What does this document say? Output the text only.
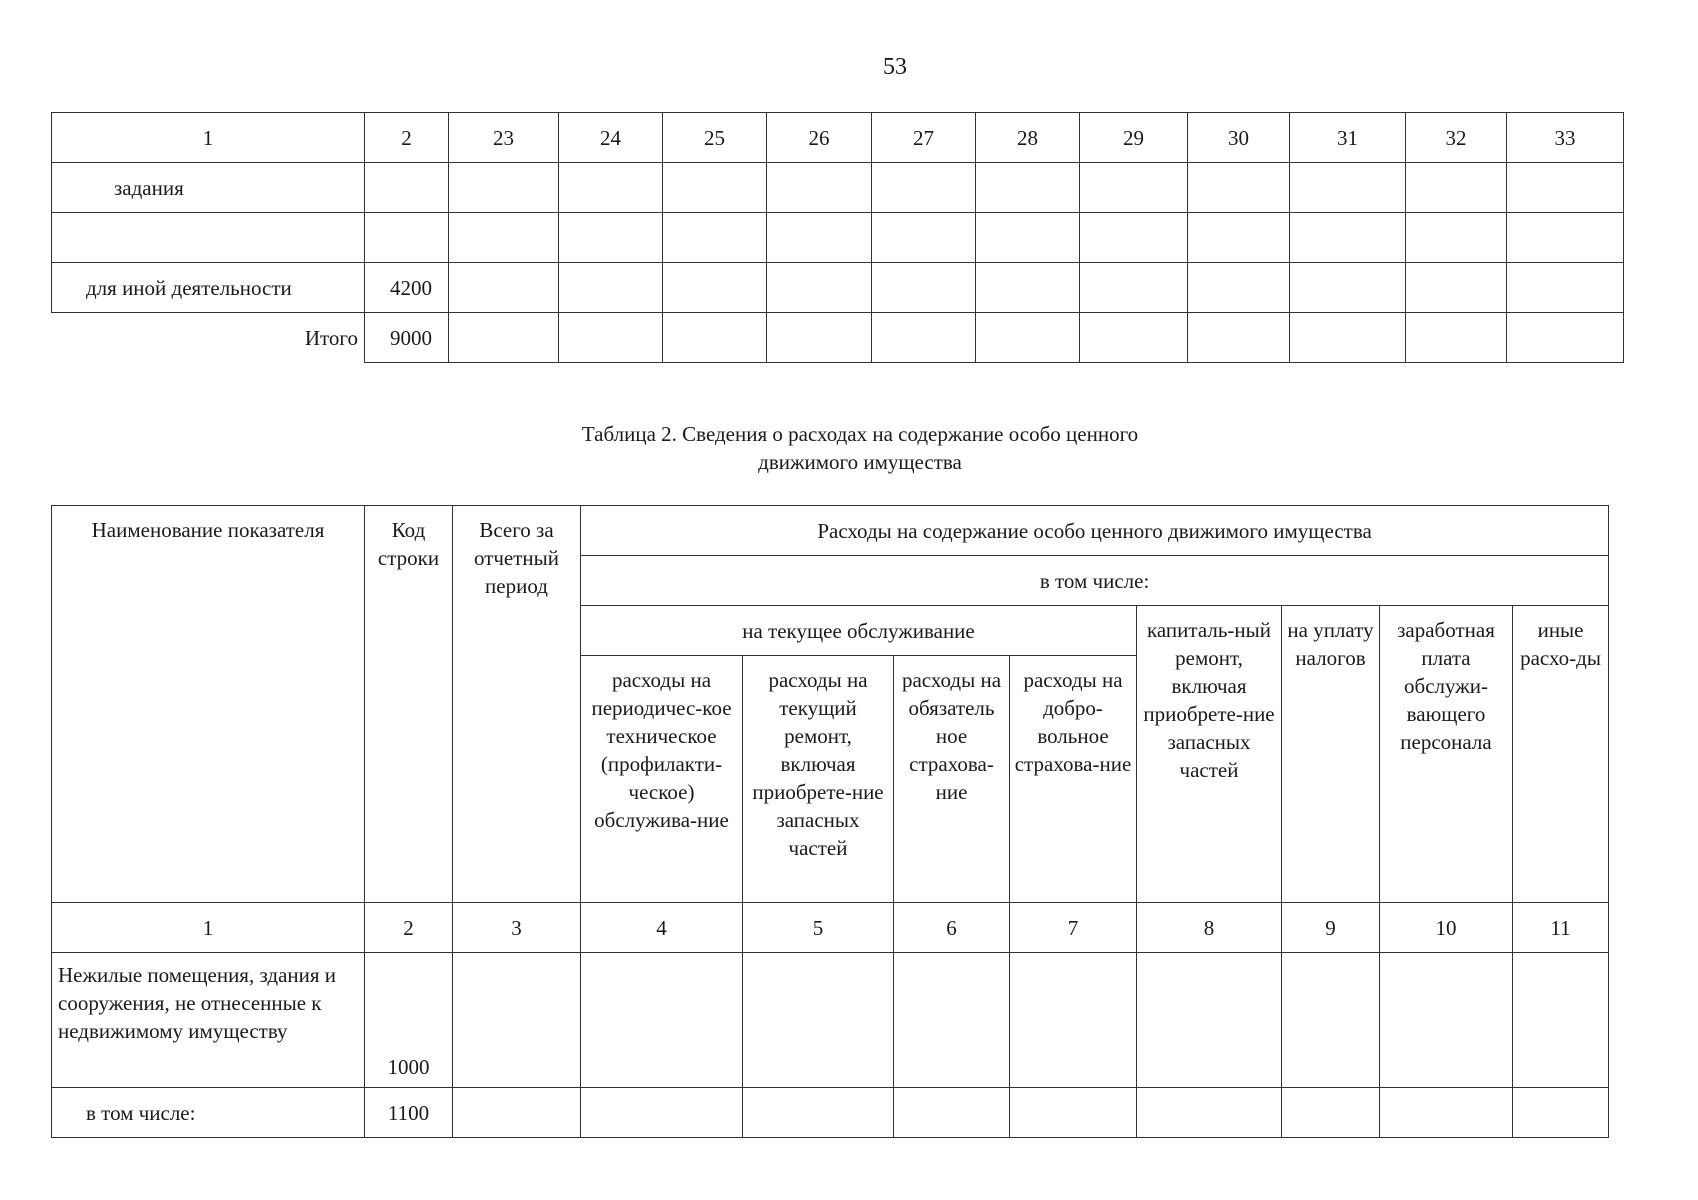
53
1	2	23	24	25	26	27	28	29	30	31	32	33
задания												

для иной деятельности	4200											
Итого	9000											
Таблица 2. Сведения о расходах на содержание особо ценного
движимого имущества
Наименование показателя	Код строки	Всего за отчетный период	Расходы на содержание особо ценного движимого имущества							
			в том числе:							
			на текущее обслуживание				капиталь-ный ремонт, включая приобрете-ние запасных частей	на уплату налогов	заработная плата обслужи-вающего персонала	иные расхо-ды
			расходы на периодичес-кое техническое (профилакти-ческое) обслужива-ние	расходы на текущий ремонт, включая приобрете-ние запасных частей	расходы на обязатель ное страхова-ние	расходы на добро-вольное страхова-ние				
1	2	3	4	5	6	7	8	9	10	11
Нежилые помещения, здания и сооружения, не отнесенные к недвижимому имуществу	1000									
в том числе:	1100									
